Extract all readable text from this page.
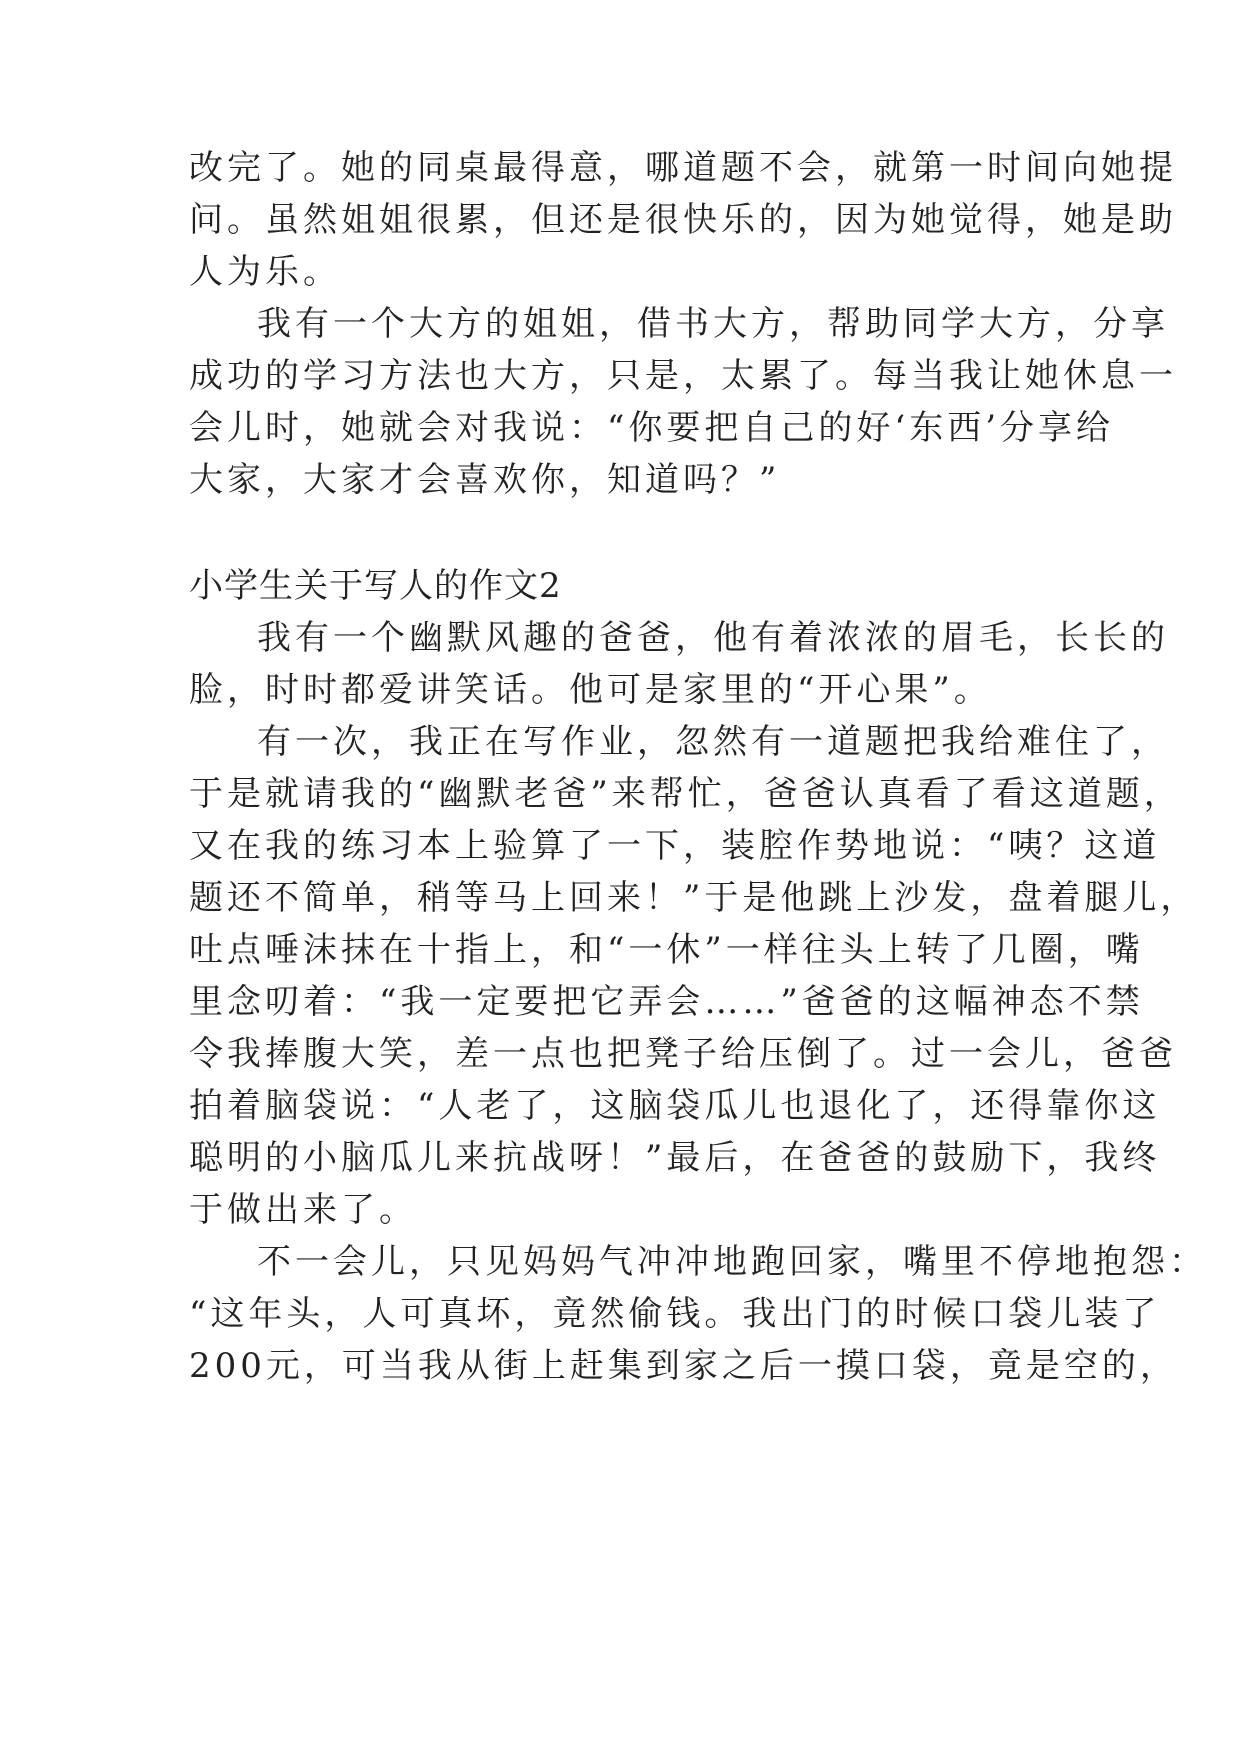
改完了。她的同桌最得意，哪道题不会，就第一时间向她提
问。虽然姐姐很累，但还是很快乐的，因为她觉得，她是助
人为乐。
我有一个大方的姐姐，借书大方，帮助同学大方，分享
成功的学习方法也大方，只是，太累了。每当我让她休息一
会儿时，她就会对我说：“你要把自己的好‘东西’分享给
大家，大家才会喜欢你，知道吗？”
小学生关于写人的作文2
我有一个幽默风趣的爸爸，他有着浓浓的眉毛，长长的
脸，时时都爱讲笑话。他可是家里的“开心果”。
有一次，我正在写作业，忽然有一道题把我给难住了，
于是就请我的“幽默老爸”来帮忙，爸爸认真看了看这道题，
又在我的练习本上验算了一下，装腔作势地说：“咦？这道
题还不简单，稍等马上回来！”于是他跳上沙发，盘着腿儿，
吐点唾沫抹在十指上，和“一休”一样往头上转了几圈，嘴
里念叨着：“我一定要把它弄会……”爸爸的这幅神态不禁
令我捧腹大笑，差一点也把凳子给压倒了。过一会儿，爸爸
拍着脑袋说：“人老了，这脑袋瓜儿也退化了，还得靠你这
聪明的小脑瓜儿来抗战呀！”最后，在爸爸的鼓励下，我终
于做出来了。
不一会儿，只见妈妈气冲冲地跑回家，嘴里不停地抱怨：
“这年头，人可真坏，竟然偷钱。我出门的时候口袋儿装了
200元，可当我从街上赶集到家之后一摸口袋，竟是空的，
